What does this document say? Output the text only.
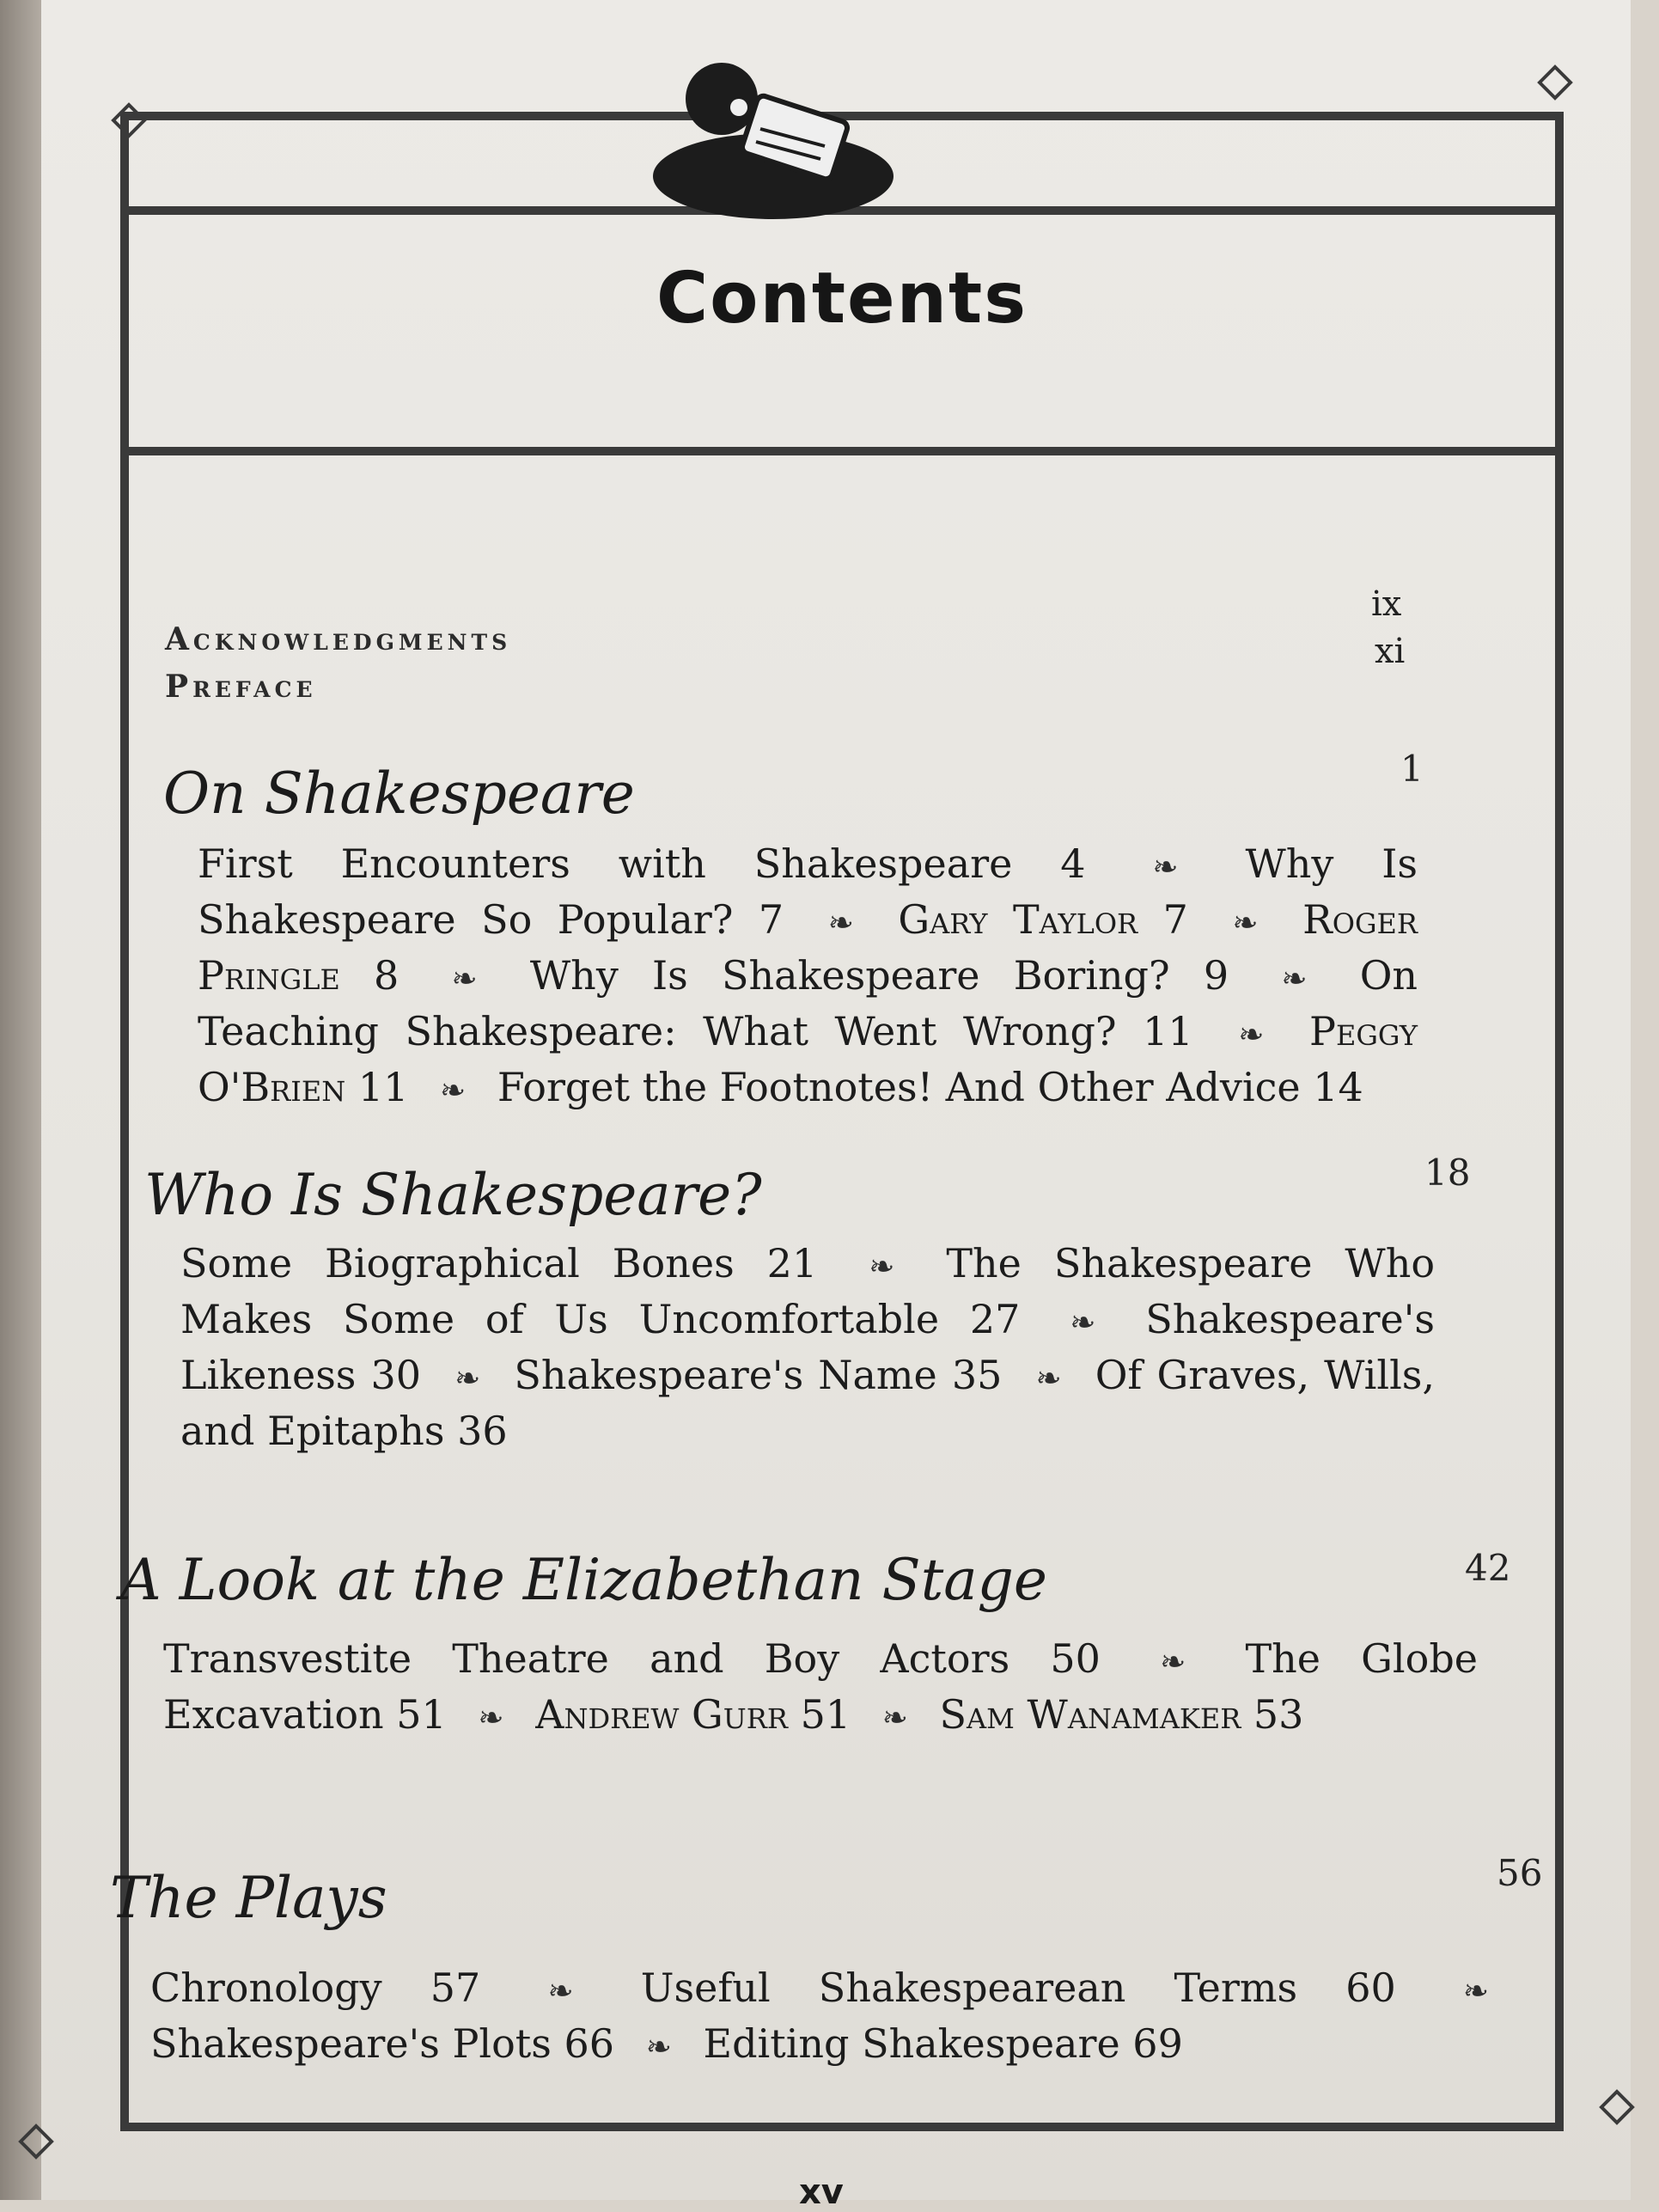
Contents
Acknowledgments
ix
Preface
xi
On Shakespeare	1
First Encounters with Shakespeare 4 ❧ Why Is Shakespeare So Popular? 7 ❧ Gary Taylor 7 ❧ Roger Pringle 8 ❧ Why Is Shakespeare Boring? 9 ❧ On Teaching Shakespeare: What Went Wrong? 11 ❧ Peggy O'Brien 11 ❧ Forget the Footnotes! And Other Advice 14
Who Is Shakespeare?	18
Some Biographical Bones 21 ❧ The Shakespeare Who Makes Some of Us Uncomfortable 27 ❧ Shakespeare's Likeness 30 ❧ Shakespeare's Name 35 ❧ Of Graves, Wills, and Epitaphs 36
A Look at the Elizabethan Stage	42
Transvestite Theatre and Boy Actors 50 ❧ The Globe Excavation 51 ❧ Andrew Gurr 51 ❧ Sam Wanamaker 53
The Plays	56
Chronology 57 ❧ Useful Shakespearean Terms 60 ❧ Shakespeare's Plots 66 ❧ Editing Shakespeare 69
xv
